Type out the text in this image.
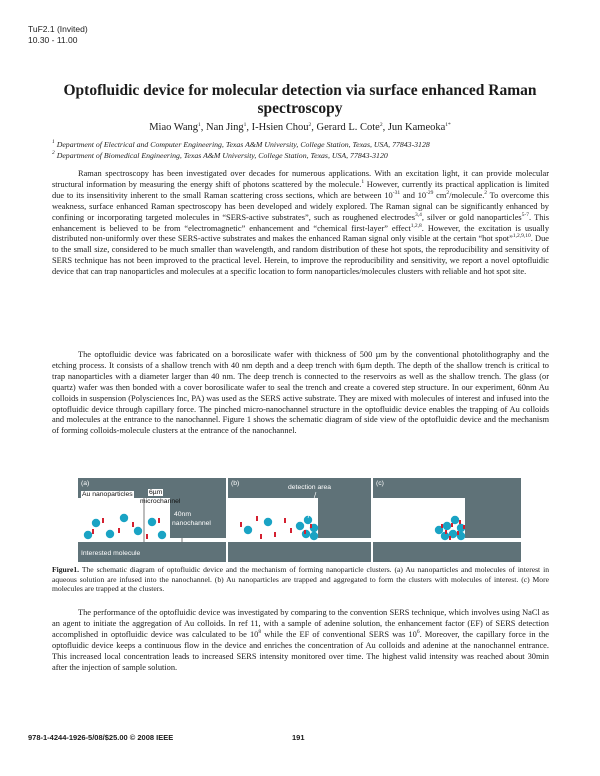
TuF2.1 (Invited)
10.30 - 11.00
Optofluidic device for molecular detection via surface enhanced Raman spectroscopy
Miao Wang$^1$, Nan Jing$^1$, I-Hsien Chou$^2$, Gerard L. Cote$^2$, Jun Kameoka$^{1*}$
$^1$ Department of Electrical and Computer Engineering, Texas A&M University, College Station, Texas, USA, 77843-3128
$^2$ Department of Biomedical Engineering, Texas A&M University, College Station, Texas, USA, 77843-3120

Raman spectroscopy has been investigated over decades for numerous applications. With an excitation light, it can provide molecular structural information by measuring the energy shift of photons scattered by the molecule.$^1$ However, currently its practical application is limited due to its insensitivity inherent to the small Raman scattering cross sections, which are between $10^{-31}$ and $10^{-29}$ $cm^2/molecule.^2$ To overcome this weakness, surface enhanced Raman spectroscopy has been developed and widely explored. The Raman signal can be significantly enhanced by confining or incorporating targeted molecules in “SERS-active substrates”, such as roughened electrodes$^{3,4}$, silver or gold nanoparticles$^{5-7}$. This enhancement is believed to be from “electromagnetic” enhancement and “chemical first-layer” effect$^{1,2,8}$. However, the excitation is usually distributed non-uniformly over these SERS-active substrates and makes the enhanced Raman signal only visible at the certain “hot spot”$^{1,2,9,10}$. Due to the small size, considered to be much smaller than wavelength, and random distribution of these hot spots, the reproducibility and sensitivity of SERS technique has not been improved to the practical level. Herein, to improve the reproducibility and sensitivity, we report a novel optofluidic device that can trap nanoparticles and molecules at a specific location to form nanoparticles/molecules clusters with reliable and hot spot site.

The optofluidic device was fabricated on a borosilicate wafer with thickness of 500 µm by the conventional photolithography and the etching process. It consists of a shallow trench with 40 nm depth and a deep trench with 6µm depth. The depth of the shallow trench is critical to trap nanoparticles with a diameter larger than 40 nm. The deep trench is connected to the reservoirs as well as the shallow trench. The glass (or quartz) wafer was then bonded with a cover borosilicate wafer to seal the trench and create a covered step structure. In our experiment, 60nm Au colloids in suspension (Polysciences Inc, PA) was used as the SERS active substrate. They are mixed with molecules of interest and infused into the optofluidic device through capillary force. The pinched micro-nanochannel structure in the optofluidic device enables the trapping of Au colloids and molecules at the entrance to the nanochannel. Figure 1 shows the schematic diagram of side view of the optofluidic device and the mechanism of forming colloids-molecule clusters at the entrance of the nanochannel.

(a)
Au nanoparticles 6µm
microchannel
40nm
nanochannel
Interested molecule
(b)
detection area
(c)
Figure1. The schematic diagram of optofluidic device and the mechanism of forming nanoparticle clusters. (a) Au nanoparticles and molecules of interest in aqueous solution are infused into the nanochannel. (b) Au nanoparticles are trapped and aggregated to form the clusters with molecules of interest. (c) More molecules are trapped at the clusters.

The performance of the optofluidic device was investigated by comparing to the convention SERS technique, which involves using NaCl as an agent to initiate the aggregation of Au colloids. In ref 11, with a sample of adenine solution, the enhancement factor (EF) of SERS detection accomplished in optofluidic device was calculated to be $10^8$ while the EF of conventional SERS was $10^6$. Moreover, the capillary force in the optofluidic device keeps a continuous flow in the device and enriches the concentration of Au colloids and adenine at the nanochannel entrance. This increased local concentration leads to increased SERS intensity monitored over time. The highest valid intensity was reached about 30min after the injection of sample solution.

978-1-4244-1926-5/08/$25.00 © 2008 IEEE	191
